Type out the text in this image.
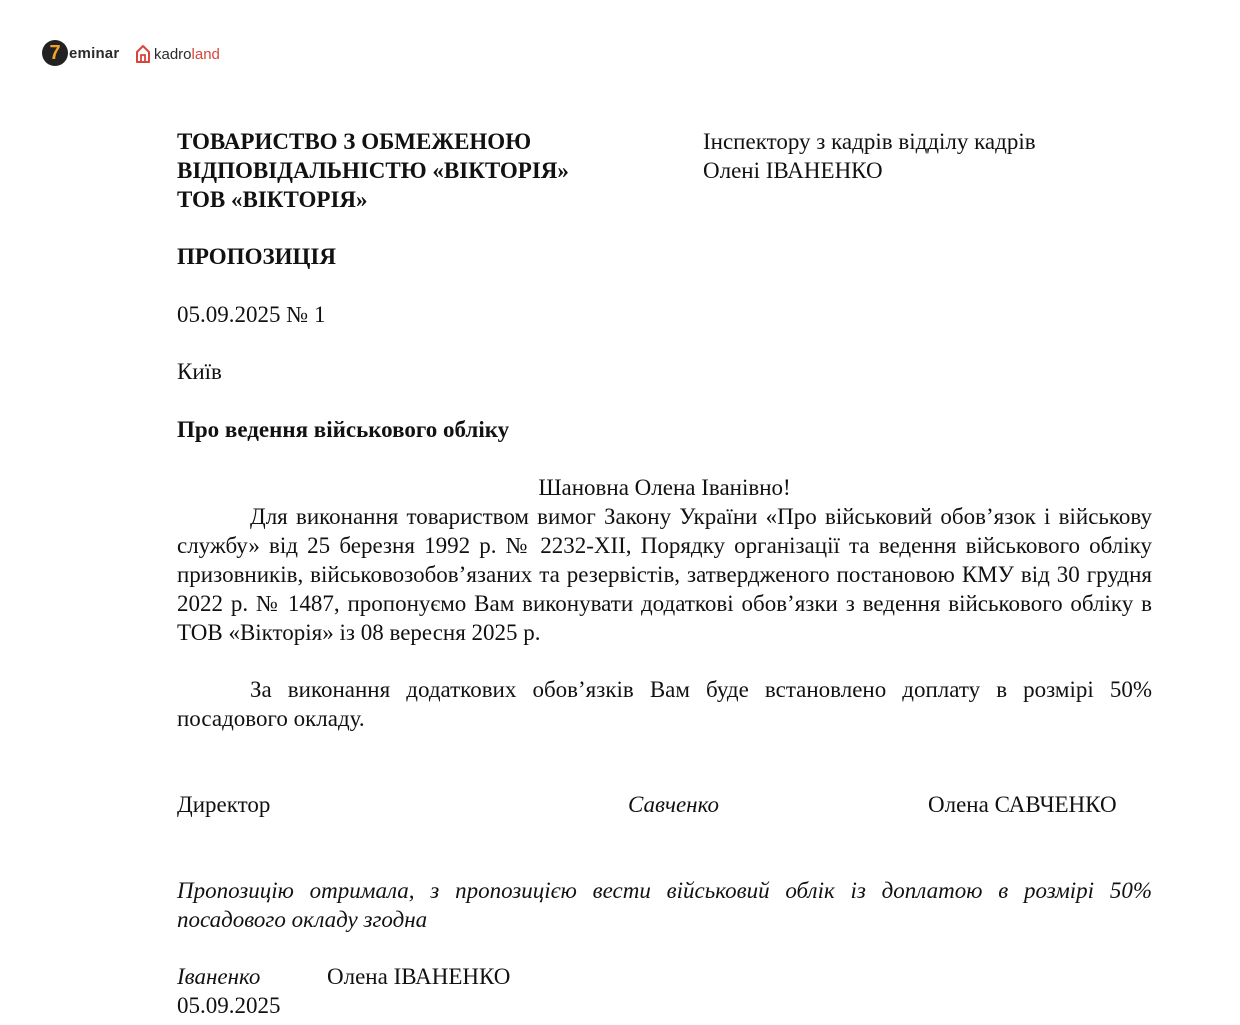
7 eminar kadroland
ТОВАРИСТВО З ОБМЕЖЕНОЮ
ВІДПОВІДАЛЬНІСТЮ «ВІКТОРІЯ»
ТОВ «ВІКТОРІЯ»
Інспектору з кадрів відділу кадрів
Олені ІВАНЕНКО
ПРОПОЗИЦІЯ
05.09.2025 № 1
Київ
Про ведення військового обліку
Шановна Олена Іванівно!
Для виконання товариством вимог Закону України «Про військовий обов’язок і військову службу» від 25 березня 1992 р. № 2232-XII, Порядку організації та ведення військового обліку призовників, військовозобов’язаних та резервістів, затвердженого постановою КМУ від 30 грудня 2022 р. № 1487, пропонуємо Вам виконувати додаткові обов’язки з ведення військового обліку в ТОВ «Вікторія» із 08 вересня 2025 р.
За виконання додаткових обов’язків Вам буде встановлено доплату в розмірі 50% посадового окладу.
Директор	Савченко	Олена САВЧЕНКО
Пропозицію отримала, з пропозицією вести військовий облік із доплатою в розмірі 50% посадового окладу згодна
Іваненко	Олена ІВАНЕНКО
05.09.2025
